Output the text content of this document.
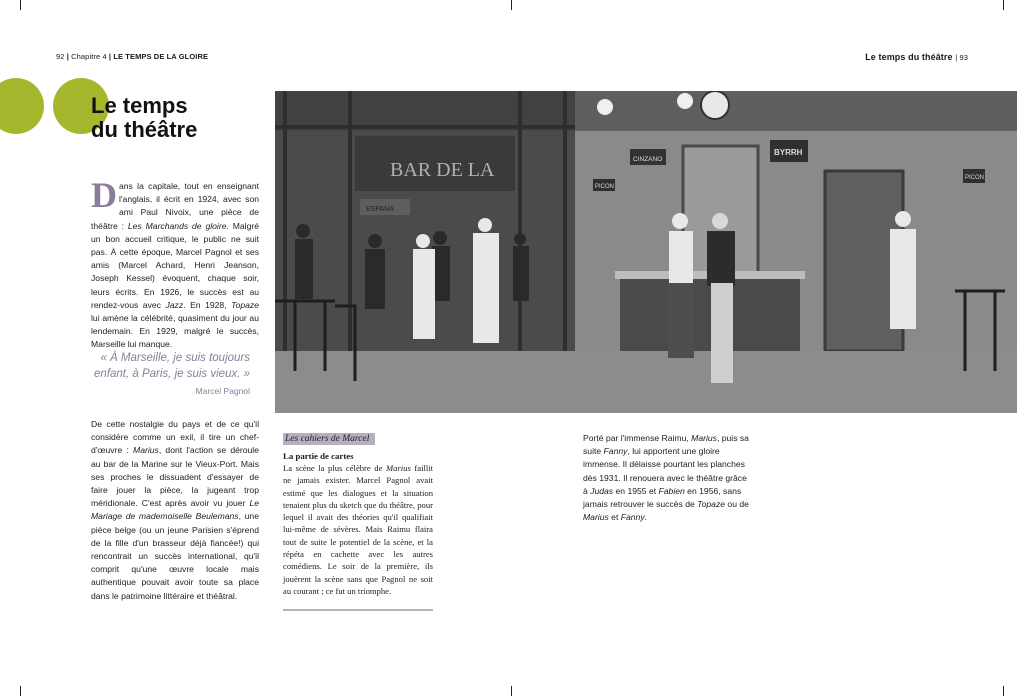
92 | Chapitre 4 | LE TEMPS DE LA GLOIRE	Le temps du théâtre | 93
Le temps
du théâtre

Dans la capitale, tout en enseignant l'anglais, il écrit en 1924, avec son ami Paul Nivoix, une pièce de théâtre : Les Marchands de gloire. Malgré un bon accueil critique, le public ne suit pas. À cette époque, Marcel Pagnol et ses amis (Marcel Achard, Henri Jeanson, Joseph Kessel) évoquent, chaque soir, leurs écrits. En 1926, le succès est au rendez-vous avec Jazz. En 1928, Topaze lui amène la célébrité, quasiment du jour au lendemain. En 1929, malgré le succès, Marseille lui manque.

« À Marseille, je suis toujours enfant, à Paris, je suis vieux. »
Marcel Pagnol

De cette nostalgie du pays et de ce qu'il considère comme un exil, il tire un chef-d'œuvre : Marius, dont l'action se déroule au bar de la Marine sur le Vieux-Port. Mais ses proches le dissuadent d'essayer de faire jouer la pièce, la jugeant trop méridionale. C'est après avoir vu jouer Le Mariage de mademoiselle Beulemans, une pièce belge (ou un jeune Parisien s'éprend de la fille d'un brasseur déjà fiancée!) qui rencontrait un succès international, qu'il comprit qu'une œuvre locale mais authentique pouvait avoir toute sa place dans le patrimoine littéraire et théâtral.

BAR DE LA
ESPANA
CINZANO
BYRRH
PICON
PICON
Les cahiers de Marcel
La partie de cartes

La scène la plus célèbre de Marius faillit ne jamais exister. Marcel Pagnol avait estimé que les dialogues et la situation tenaient plus du sketch que du théâtre, pour lequel il avait des théories qu'il qualifiait lui-même de sévères. Mais Raimu flaira tout de suite le potentiel de la scène, et la répéta en cachette avec les autres comédiens. Le soir de la première, ils jouèrent la scène sans que Pagnol ne soit au courant ; ce fut un triomphe.

Porté par l'immense Raimu, Marius, puis sa suite Fanny, lui apportent une gloire immense. Il délaisse pourtant les planches dès 1931. Il renouera avec le théâtre grâce à Judas en 1955 et Fabien en 1956, sans jamais retrouver le succès de Topaze ou de Marius et Fanny.
